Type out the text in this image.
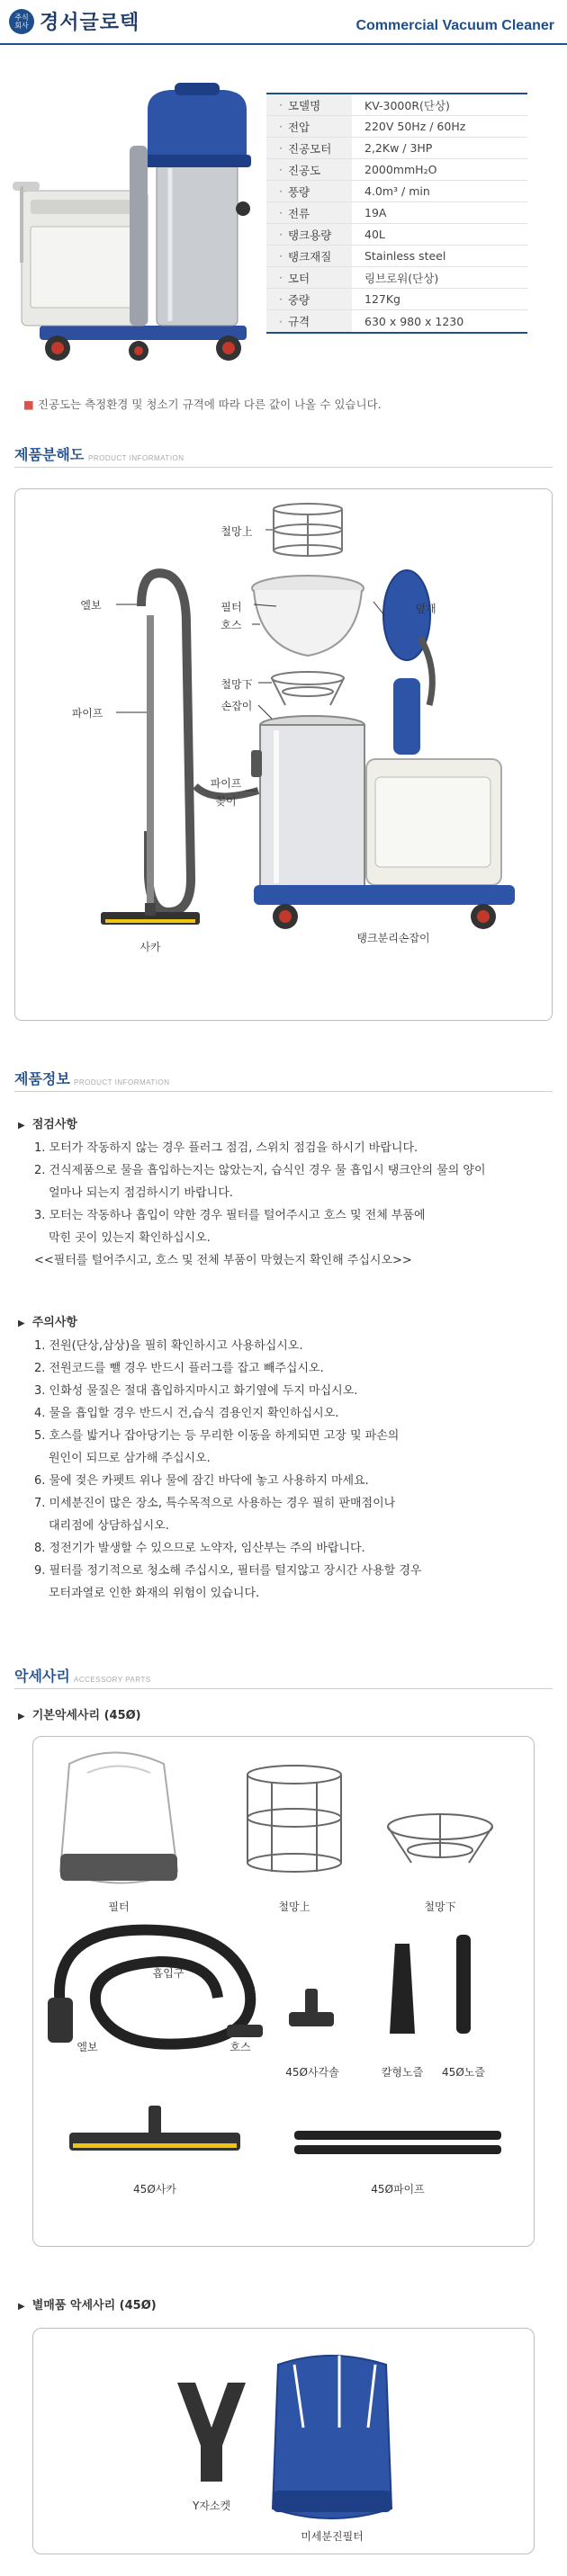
주식
회사 경서글로텍	Commercial Vacuum Cleaner
· 모델명	KV-3000R(단상)
· 전압	220V 50Hz / 60Hz
· 진공모터	2,2Kw / 3HP
· 진공도	2000mmH₂O
· 풍량	4.0m³ / min
· 전류	19A
· 탱크용량	40L
· 탱크재질	Stainless steel
· 모터	링브로워(단상)
· 중량	127Kg
· 규격	630 x 980 x 1230
■ 진공도는 측정환경 및 청소기 규격에 따라 다른 값이 나올 수 있습니다.
제품분해도 PRODUCT INFORMATION
철망上
덮개
엘보	필터
호스
철망下
손잡이
파이프
파이프
꽂이
탱크분리손잡이
사카
제품정보 PRODUCT INFORMATION
▶ 점검사항
1. 모터가 작동하지 않는 경우 플러그 점검, 스위치 점검을 하시기 바랍니다.
2. 건식제품으로 물을 흡입하는지는 않았는지, 습식인 경우 물 흡입시 탱크안의 물의 양이
얼마나 되는지 점검하시기 바랍니다.
3. 모터는 작동하나 흡입이 약한 경우 필터를 털어주시고 호스 및 전체 부품에
막힌 곳이 있는지 확인하십시오.
<<필터를 털어주시고, 호스 및 전체 부품이 막혔는지 확인해 주십시오>>
▶ 주의사항
1. 전원(단상,삼상)을 필히 확인하시고 사용하십시오.
2. 전원코드를 뺄 경우 반드시 플러그를 잡고 빼주십시오.
3. 인화성 물질은 절대 흡입하지마시고 화기옆에 두지 마십시오.
4. 물을 흡입할 경우 반드시 건,습식 겸용인지 확인하십시오.
5. 호스를 밟거나 잡아당기는 등 무리한 이동을 하게되면 고장 및 파손의
원인이 되므로 삼가해 주십시오.
6. 물에 젖은 카펫트 위나 물에 잠긴 바닥에 놓고 사용하지 마세요.
7. 미세분진이 많은 장소, 특수목적으로 사용하는 경우 필히 판매점이나
대리점에 상담하십시오.
8. 정전기가 발생할 수 있으므로 노약자, 임산부는 주의 바랍니다.
9. 필터를 정기적으로 청소해 주십시오, 필터를 털지않고 장시간 사용할 경우
모터과열로 인한 화재의 위험이 있습니다.
악세사리 ACCESSORY PARTS
▶ 기본악세사리 (45Ø)
필터	철망上	철망下
흡입구
엘보	호스
45Ø사각솔	칼형노즐 45Ø노즐
45Ø사카	45Ø파이프
▶ 별매품 악세사리 (45Ø)
Y자소켓
미세분진필터
